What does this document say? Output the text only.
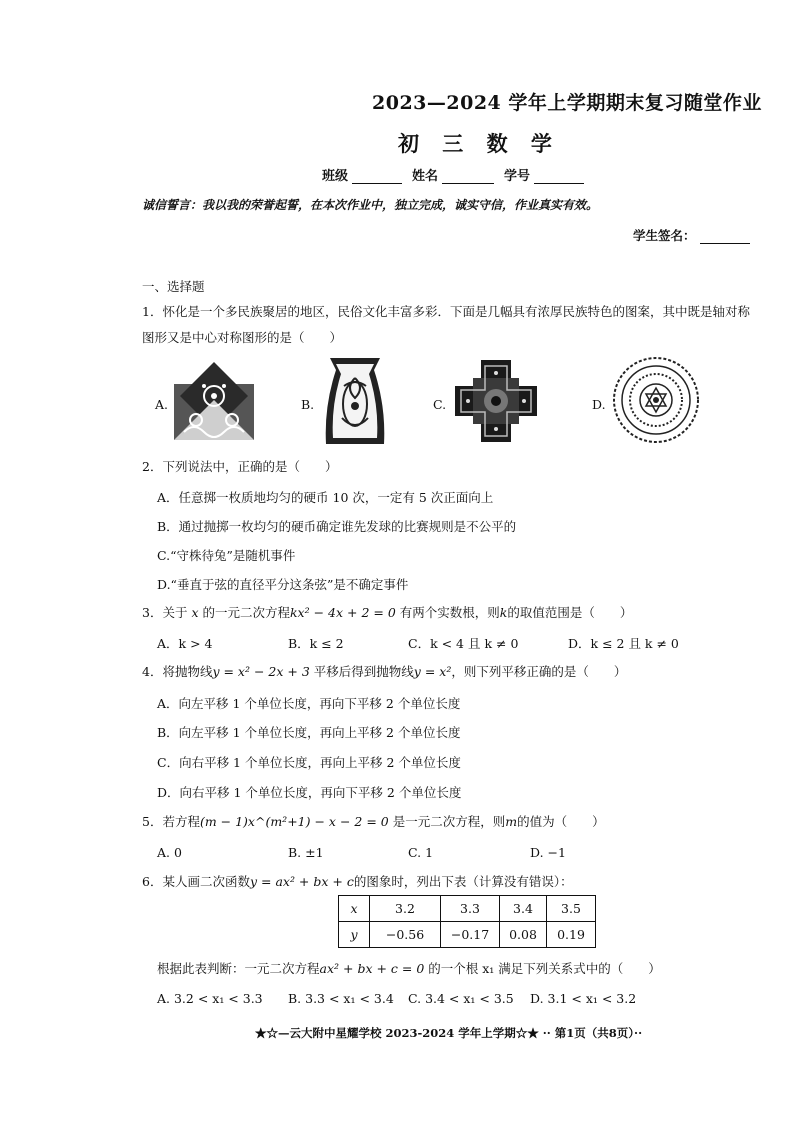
2023—2024 学年上学期期末复习随堂作业
初 三 数 学
班级	姓名	学号
诚信誓言：我以我的荣誉起誓，在本次作业中，独立完成，诚实守信，作业真实有效。
学生签名：
一、选择题
1．怀化是一个多民族聚居的地区，民俗文化丰富多彩．下面是几幅具有浓厚民族特色的图案，其中既是轴对称
图形又是中心对称图形的是（　　）
A.	B.	C.	D.
2．下列说法中，正确的是（　　）
A．任意掷一枚质地均匀的硬币 10 次，一定有 5 次正面向上
B．通过抛掷一枚均匀的硬币确定谁先发球的比赛规则是不公平的
C.“守株待兔”是随机事件
D.“垂直于弦的直径平分这条弦”是不确定事件
3．关于 x 的一元二次方程kx² − 4x + 2 = 0 有两个实数根，则k的取值范围是（　　）
A．k > 4	B．k ≤ 2	C．k < 4 且 k ≠ 0	D．k ≤ 2 且 k ≠ 0
4．将抛物线y = x² − 2x + 3 平移后得到抛物线y = x²，则下列平移正确的是（　　）
A．向左平移 1 个单位长度，再向下平移 2 个单位长度
B．向左平移 1 个单位长度，再向上平移 2 个单位长度
C．向右平移 1 个单位长度，再向上平移 2 个单位长度
D．向右平移 1 个单位长度，再向下平移 2 个单位长度
5．若方程(m − 1)x^(m²+1) − x − 2 = 0 是一元二次方程，则m的值为（　　）
A. 0	B. ±1	C. 1	D. −1
6．某人画二次函数y = ax² + bx + c的图象时，列出下表（计算没有错误）：
x	3.2	3.3	3.4	3.5
y	−0.56	−0.17	0.08	0.19
根据此表判断：一元二次方程ax² + bx + c = 0 的一个根 x₁ 满足下列关系式中的（　　）
A. 3.2 < x₁ < 3.3 B. 3.3 < x₁ < 3.4 C. 3.4 < x₁ < 3.5 D. 3.1 < x₁ < 3.2
★☆—云大附中星耀学校 2023-2024 学年上学期☆★ ·· 第1页（共8页）··
